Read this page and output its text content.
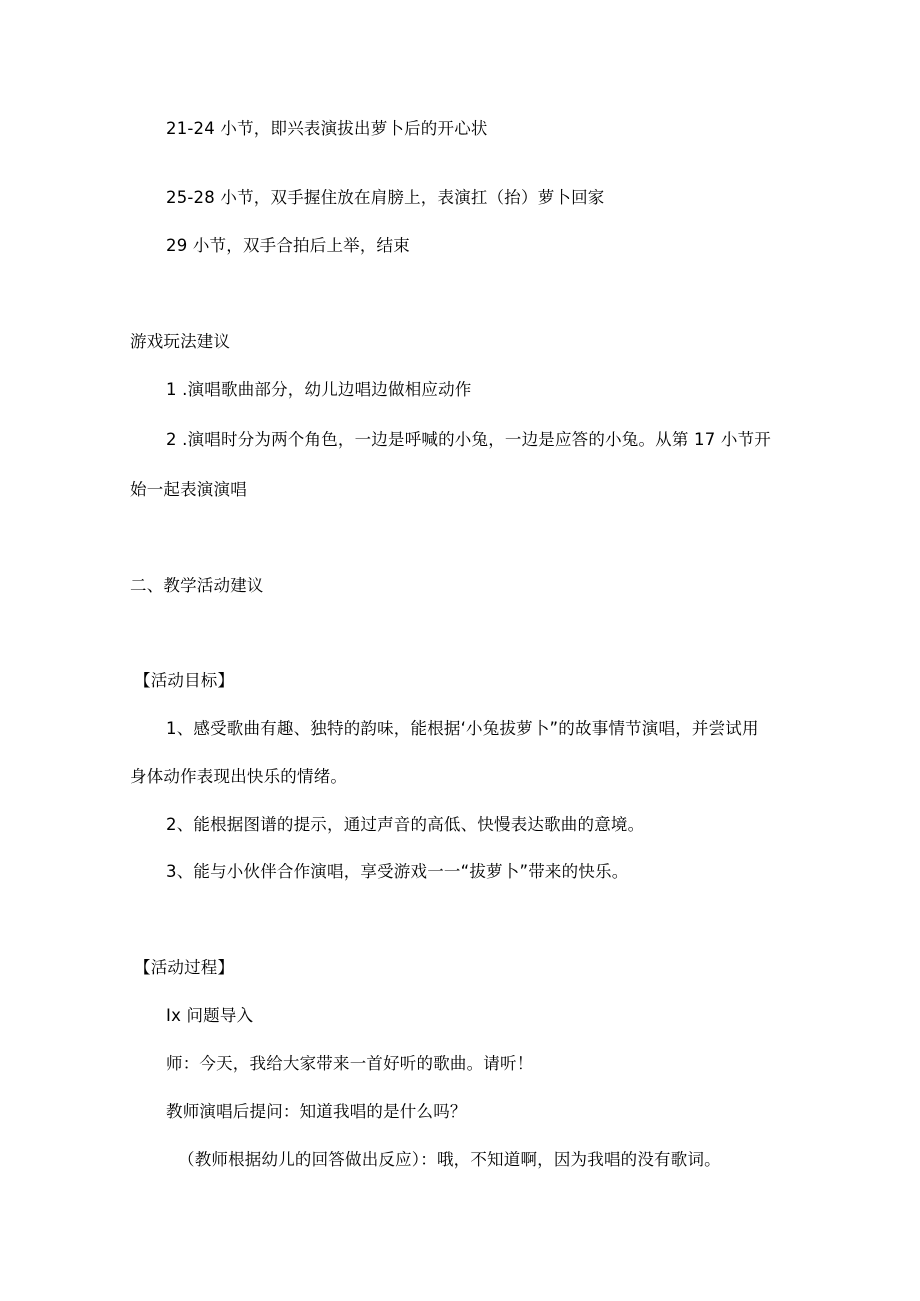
21-24 小节，即兴表演拔出萝卜后的开心状
25-28 小节，双手握住放在肩膀上，表演扛（抬）萝卜回家
29 小节，双手合拍后上举，结束
游戏玩法建议
1 .演唱歌曲部分，幼儿边唱边做相应动作
2 .演唱时分为两个角色，一边是呼喊的小兔，一边是应答的小兔。从第 17 小节开
始一起表演演唱
二、教学活动建议
【活动目标】
1、感受歌曲有趣、独特的韵味，能根据‘小兔拔萝卜”的故事情节演唱，并尝试用
身体动作表现出快乐的情绪。
2、能根据图谱的提示，通过声音的高低、快慢表达歌曲的意境。
3、能与小伙伴合作演唱，享受游戏一一“拔萝卜”带来的快乐。
【活动过程】
Ix 问题导入
师：今天，我给大家带来一首好听的歌曲。请听！
教师演唱后提问：知道我唱的是什么吗？
（教师根据幼儿的回答做出反应）：哦，不知道啊，因为我唱的没有歌词。
